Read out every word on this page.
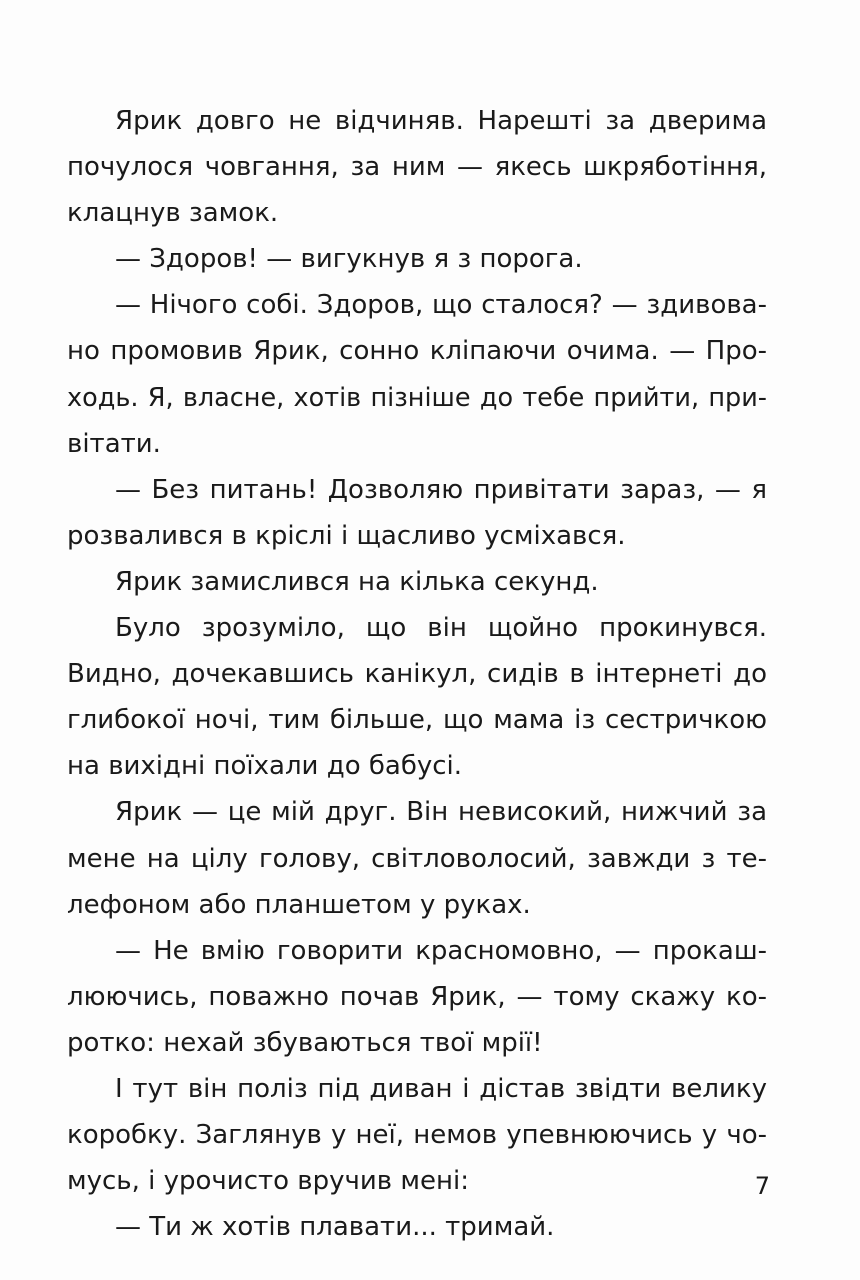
Ярик довго не відчиняв. Нарешті за дверима
почулося човгання, за ним — якесь шкряботіння,
клацнув замок.
— Здоров! — вигукнув я з порога.
— Нічого собі. Здоров, що сталося? — здивова-
но промовив Ярик, сонно кліпаючи очима. — Про-
ходь. Я, власне, хотів пізніше до тебе прийти, при-
вітати.
— Без питань! Дозволяю привітати зараз, — я
розвалився в кріслі і щасливо усміхався.
Ярик замислився на кілька секунд.
Було зрозуміло, що він щойно прокинувся.
Видно, дочекавшись канікул, сидів в інтернеті до
глибокої ночі, тим більше, що мама із сестричкою
на вихідні поїхали до бабусі.
Ярик — це мій друг. Він невисокий, нижчий за
мене на цілу голову, світловолосий, завжди з те-
лефоном або планшетом у руках.
— Не вмію говорити красномовно, — прокаш-
люючись, поважно почав Ярик, — тому скажу ко-
ротко: нехай збуваються твої мрії!
І тут він поліз під диван і дістав звідти велику
коробку. Заглянув у неї, немов упевнюючись у чо-
мусь, і урочисто вручив мені:
— Ти ж хотів плавати... тримай.
7
